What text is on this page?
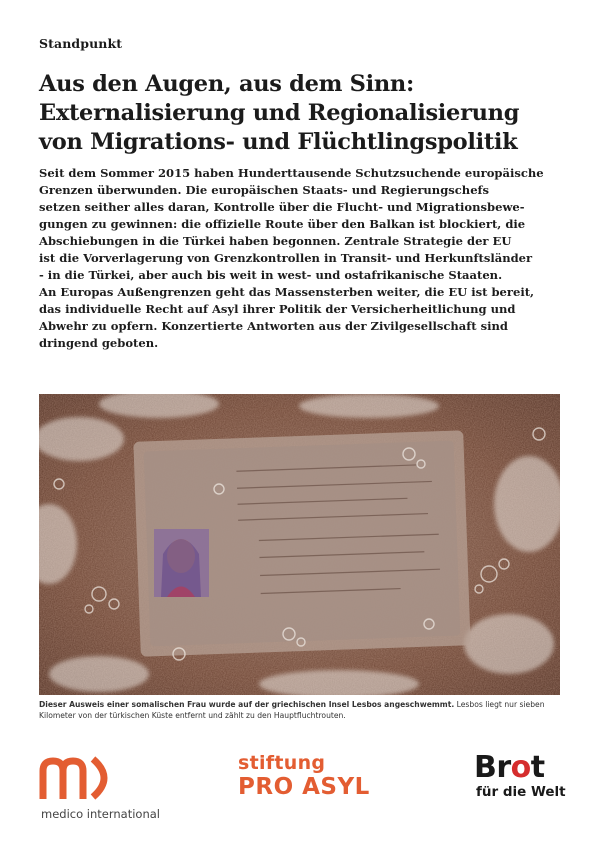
Standpunkt
Aus den Augen, aus dem Sinn:
Externalisierung und Regionalisierung
von Migrations- und Flüchtlingspolitik

Seit dem Sommer 2015 haben Hunderttausende Schutzsuchende europäische
Grenzen überwunden. Die europäischen Staats- und Regierungschefs
setzen seither alles daran, Kontrolle über die Flucht- und Migrationsbewe-
gungen zu gewinnen: die offizielle Route über den Balkan ist blockiert, die
Abschiebungen in die Türkei haben begonnen. Zentrale Strategie der EU
ist die Vorverlagerung von Grenzkontrollen in Transit- und Herkunftsländer
- in die Türkei, aber auch bis weit in west- und ostafrikanische Staaten.
An Europas Außengrenzen geht das Massensterben weiter, die EU ist bereit,
das individuelle Recht auf Asyl ihrer Politik der Versicherheitlichung und
Abwehr zu opfern. Konzertierte Antworten aus der Zivilgesellschaft sind
dringend geboten.

Dieser Ausweis einer somalischen Frau wurde auf der griechischen Insel Lesbos angeschwemmt. Lesbos liegt nur sieben
Kilometer von der türkischen Küste entfernt und zählt zu den Hauptfluchtrouten.

medico international
stiftung
PRO ASYL
Brot
für die Welt
